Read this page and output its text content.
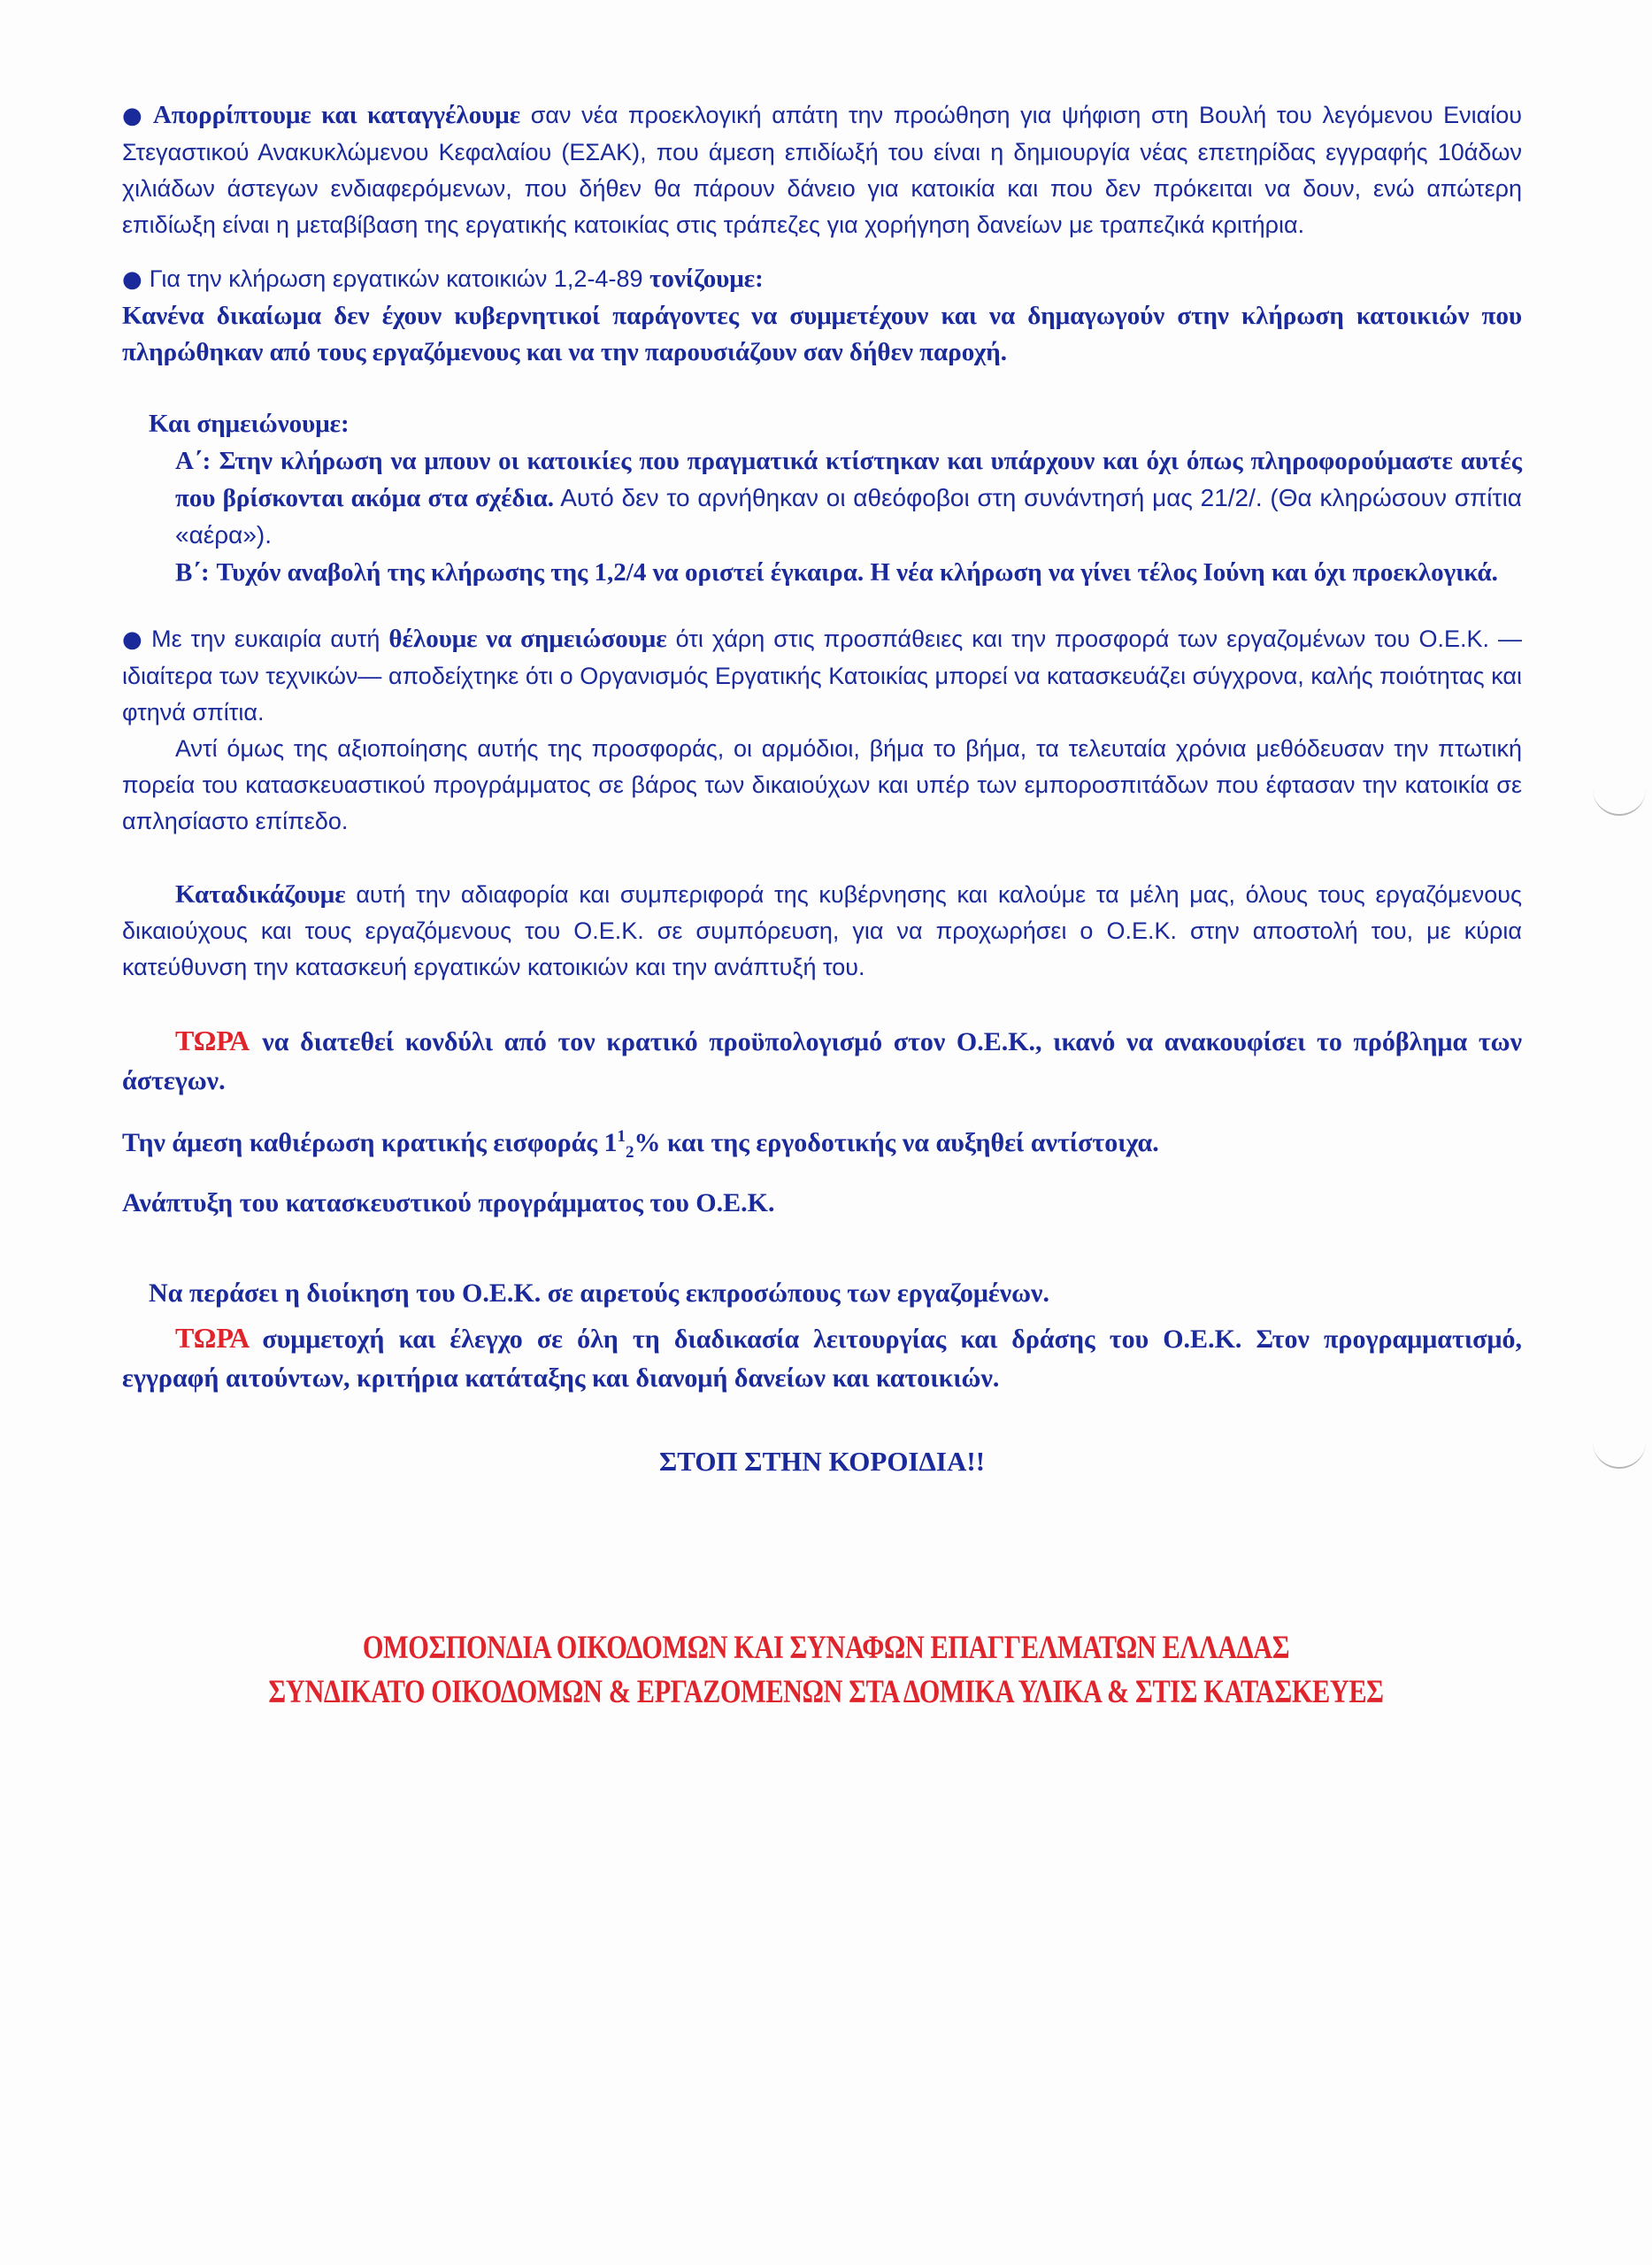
● Απορρίπτουμε και καταγγέλουμε σαν νέα προεκλογική απάτη την προώθηση για ψήφιση στη Βουλή του λεγόμενου Ενιαίου Στεγαστικού Ανακυκλώμενου Κεφαλαίου (ΕΣΑΚ), που άμεση επιδίωξή του είναι η δημιουργία νέας επετηρίδας εγγραφής 10άδων χιλιάδων άστεγων ενδιαφερόμενων, που δήθεν θα πάρουν δάνειο για κατοικία και που δεν πρόκειται να δουν, ενώ απώτερη επιδίωξη είναι η μεταβίβαση της εργατικής κατοικίας στις τράπεζες για χορήγηση δανείων με τραπεζικά κριτήρια.

● Για την κλήρωση εργατικών κατοικιών 1,2-4-89 τονίζουμε:

Κανένα δικαίωμα δεν έχουν κυβερνητικοί παράγοντες να συμμετέχουν και να δημαγωγούν στην κλήρωση κατοικιών που πληρώθηκαν από τους εργαζόμενους και να την παρουσιάζουν σαν δήθεν παροχή.

Και σημειώνουμε:

Α΄: Στην κλήρωση να μπουν οι κατοικίες που πραγματικά κτίστηκαν και υπάρχουν και όχι όπως πληροφορούμαστε αυτές που βρίσκονται ακόμα στα σχέδια. Αυτό δεν το αρνήθηκαν οι αθεόφοβοι στη συνάντησή μας 21/2/. (Θα κληρώσουν σπίτια «αέρα»).

Β΄: Τυχόν αναβολή της κλήρωσης της 1,2/4 να οριστεί έγκαιρα. Η νέα κλήρωση να γίνει τέλος Ιούνη και όχι προεκλογικά.

● Με την ευκαιρία αυτή θέλουμε να σημειώσουμε ότι χάρη στις προσπάθειες και την προσφορά των εργαζομένων του Ο.Ε.Κ. —ιδιαίτερα των τεχνικών— αποδείχτηκε ότι ο Οργανισμός Εργατικής Κατοικίας μπορεί να κατασκευάζει σύγχρονα, καλής ποιότητας και φτηνά σπίτια.

Αντί όμως της αξιοποίησης αυτής της προσφοράς, οι αρμόδιοι, βήμα το βήμα, τα τελευταία χρόνια μεθόδευσαν την πτωτική πορεία του κατασκευαστικού προγράμματος σε βάρος των δικαιούχων και υπέρ των εμποροσπιτάδων που έφτασαν την κατοικία σε απλησίαστο επίπεδο.

Καταδικάζουμε αυτή την αδιαφορία και συμπεριφορά της κυβέρνησης και καλούμε τα μέλη μας, όλους τους εργαζόμενους δικαιούχους και τους εργαζόμενους του Ο.Ε.Κ. σε συμπόρευση, για να προχωρήσει ο Ο.Ε.Κ. στην αποστολή του, με κύρια κατεύθυνση την κατασκευή εργατικών κατοικιών και την ανάπτυξή του.

ΤΩΡΑ να διατεθεί κονδύλι από τον κρατικό προϋπολογισμό στον Ο.Ε.Κ., ικανό να ανακουφίσει το πρόβλημα των άστεγων.

Την άμεση καθιέρωση κρατικής εισφοράς $1^1_2\%$ και της εργοδοτικής να αυξηθεί αντίστοιχα.

Ανάπτυξη του κατασκευστικού προγράμματος του Ο.Ε.Κ.

Να περάσει η διοίκηση του Ο.Ε.Κ. σε αιρετούς εκπροσώπους των εργαζομένων.

ΤΩΡΑ συμμετοχή και έλεγχο σε όλη τη διαδικασία λειτουργίας και δράσης του Ο.Ε.Κ. Στον προγραμματισμό, εγγραφή αιτούντων, κριτήρια κατάταξης και διανομή δανείων και κατοικιών.

ΣΤΟΠ ΣΤΗΝ ΚΟΡΟΙΔΙΑ!!

ΟΜΟΣΠΟΝΔΙΑ ΟΙΚΟΔΟΜΩΝ ΚΑΙ ΣΥΝΑΦΩΝ ΕΠΑΓΓΕΛΜΑΤΩΝ ΕΛΛΑΔΑΣ
ΣΥΝΔΙΚΑΤΟ ΟΙΚΟΔΟΜΩΝ & ΕΡΓΑΖΟΜΕΝΩΝ ΣΤΑ ΔΟΜΙΚΑ ΥΛΙΚΑ & ΣΤΙΣ ΚΑΤΑΣΚΕΥΕΣ
